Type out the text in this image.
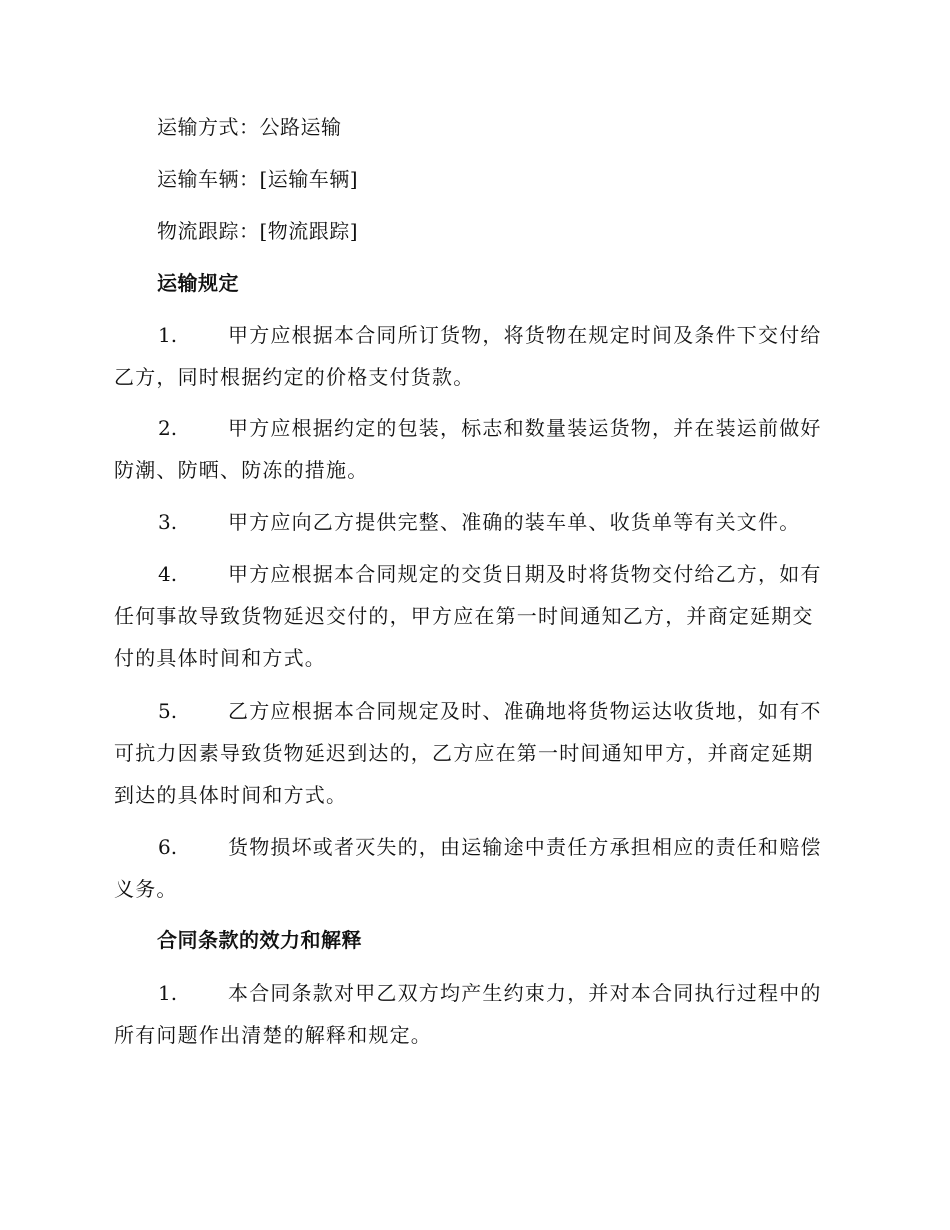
运输方式：公路运输
运输车辆：[运输车辆]
物流跟踪：[物流跟踪]
运输规定
1.	甲方应根据本合同所订货物，将货物在规定时间及条件下交付给乙方，同时根据约定的价格支付货款。
2.	甲方应根据约定的包装，标志和数量装运货物，并在装运前做好防潮、防晒、防冻的措施。
3.	甲方应向乙方提供完整、准确的装车单、收货单等有关文件。
4.	甲方应根据本合同规定的交货日期及时将货物交付给乙方，如有任何事故导致货物延迟交付的，甲方应在第一时间通知乙方，并商定延期交付的具体时间和方式。
5.	乙方应根据本合同规定及时、准确地将货物运达收货地，如有不可抗力因素导致货物延迟到达的，乙方应在第一时间通知甲方，并商定延期到达的具体时间和方式。
6.	货物损坏或者灭失的，由运输途中责任方承担相应的责任和赔偿义务。
合同条款的效力和解释
1.	本合同条款对甲乙双方均产生约束力，并对本合同执行过程中的所有问题作出清楚的解释和规定。
